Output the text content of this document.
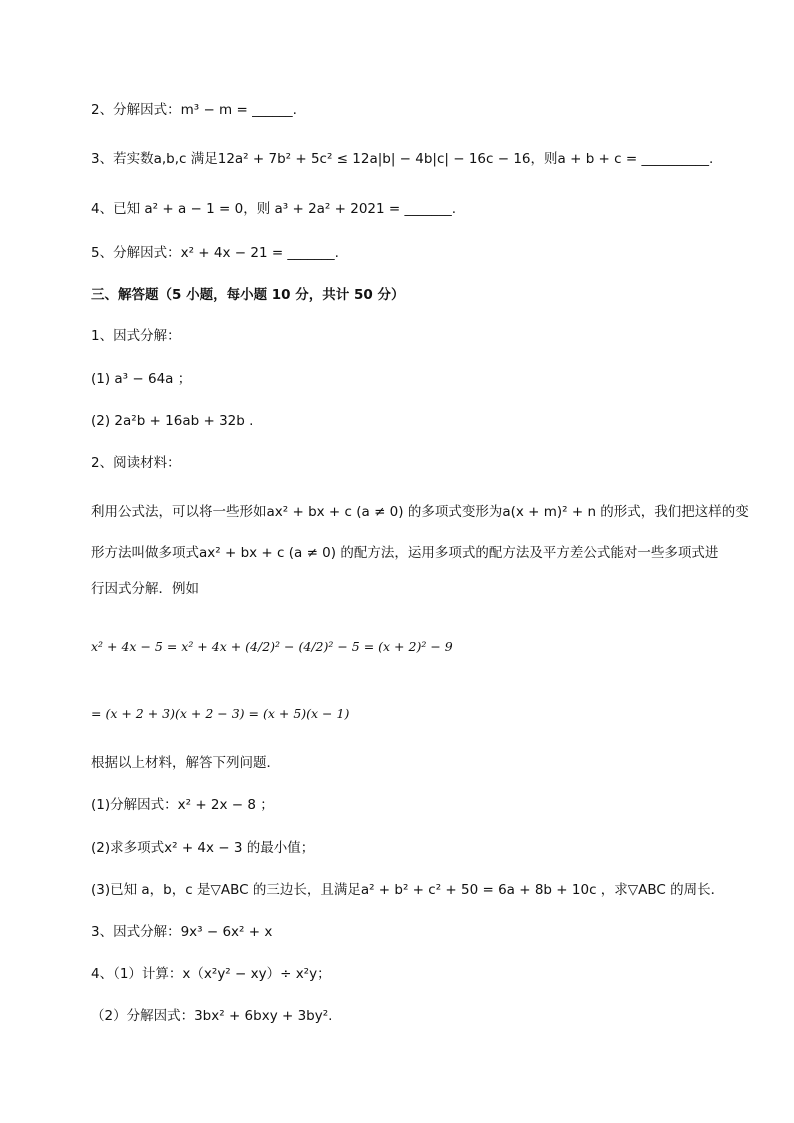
2、分解因式：m³ − m = ______.
3、若实数a,b,c 满足12a² + 7b² + 5c² ≤ 12a|b| − 4b|c| − 16c − 16，则a + b + c = __________.
4、已知 a² + a − 1 = 0，则 a³ + 2a² + 2021 = _______.
5、分解因式：x² + 4x − 21 = _______.
三、解答题（5 小题，每小题 10 分，共计 50 分）
1、因式分解：
(1) a³ − 64a ；
(2) 2a²b + 16ab + 32b .
2、阅读材料：
利用公式法，可以将一些形如ax² + bx + c (a ≠ 0) 的多项式变形为a(x + m)² + n 的形式，我们把这样的变
形方法叫做多项式ax² + bx + c (a ≠ 0) 的配方法，运用多项式的配方法及平方差公式能对一些多项式进
行因式分解．例如
x² + 4x − 5 = x² + 4x + (4/2)² − (4/2)² − 5 = (x + 2)² − 9
= (x + 2 + 3)(x + 2 − 3) = (x + 5)(x − 1)
根据以上材料，解答下列问题．
(1)分解因式：x² + 2x − 8 ；
(2)求多项式x² + 4x − 3 的最小值；
(3)已知 a，b，c 是▽ABC 的三边长，且满足a² + b² + c² + 50 = 6a + 8b + 10c ，求▽ABC 的周长．
3、因式分解：9x³ − 6x² + x
4、（1）计算：x（x²y² − xy）÷ x²y；
（2）分解因式：3bx² + 6bxy + 3by².
